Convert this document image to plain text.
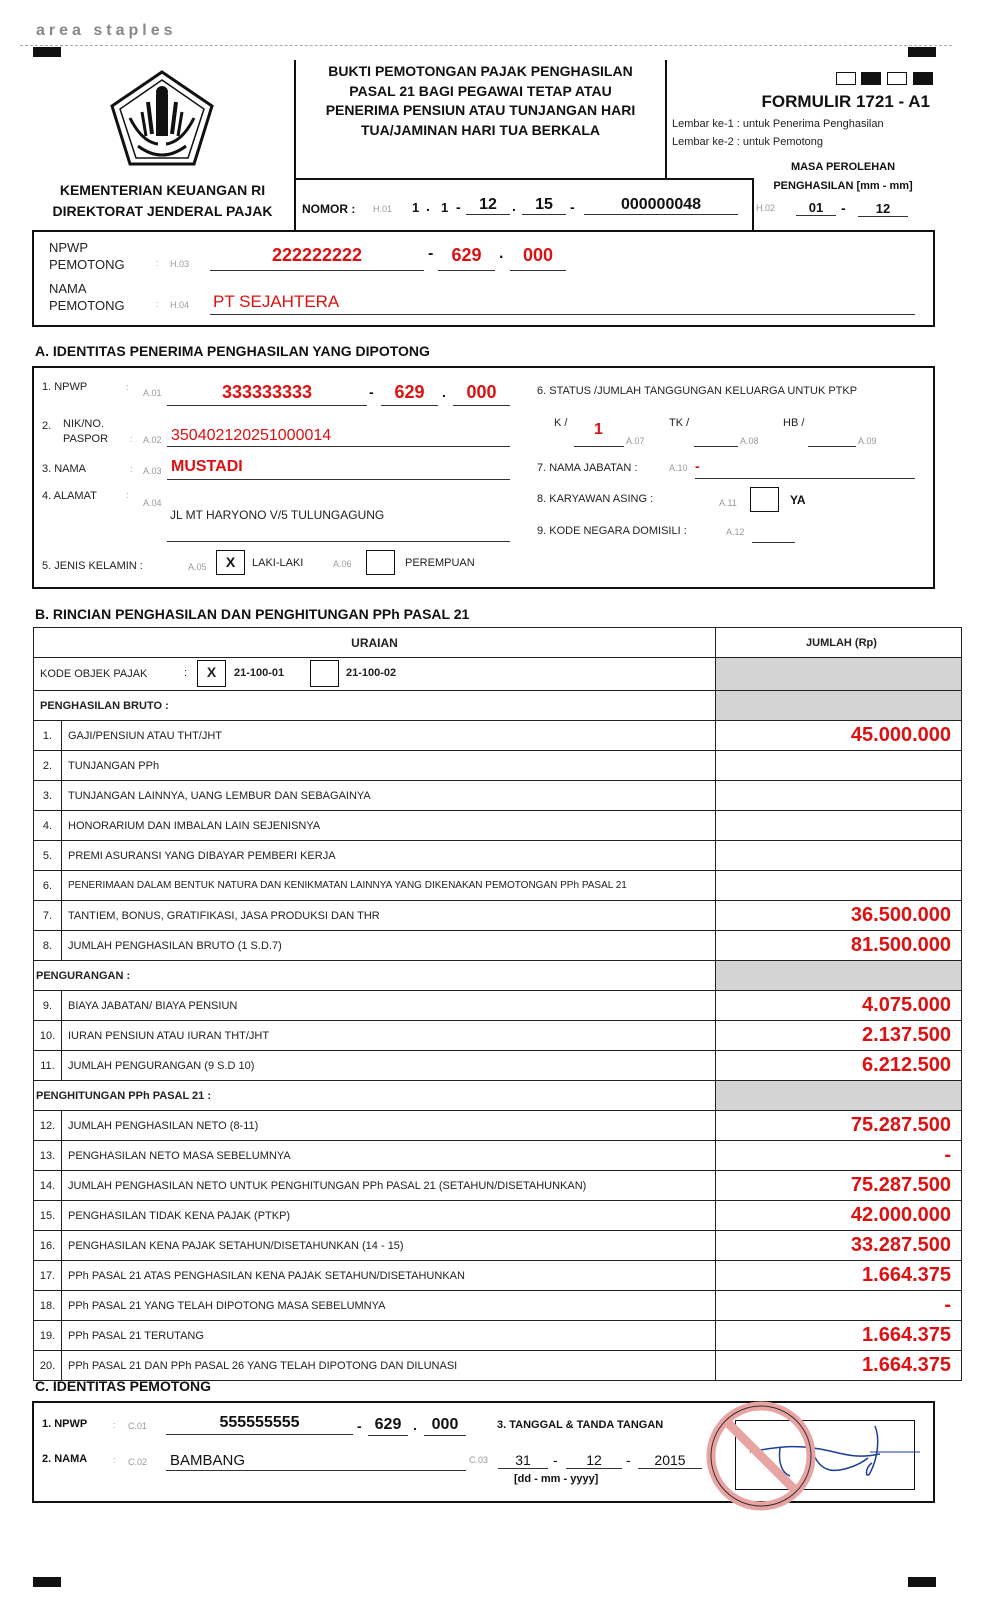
area staples
KEMENTERIAN KEUANGAN RI
DIREKTORAT JENDERAL PAJAK
BUKTI PEMOTONGAN PAJAK PENGHASILAN
PASAL 21 BAGI PEGAWAI TETAP ATAU
PENERIMA PENSIUN ATAU TUNJANGAN HARI
TUA/JAMINAN HARI TUA BERKALA
FORMULIR 1721 - A1
Lembar ke-1 : untuk Penerima Penghasilan
Lembar ke-2 : untuk Pemotong
NOMOR : H.01 1 . 1 -	12	.	15	-	000000048
MASA PEROLEHAN
PENGHASILAN [mm - mm]
H.02	01	-	12
NPWP
PEMOTONG	: H.03	222222222	-	629	.	000
NAMA
PEMOTONG	: H.04 PT SEJAHTERA
A. IDENTITAS PENERIMA PENGHASILAN YANG DIPOTONG
1. NPWP	:
A.01	333333333	-	629	.	000
2. NIK/NO.
PASPOR : A.02 350402120251000014
3. NAMA	: A.03 MUSTADI
4. ALAMAT	:
A.04
JL MT HARYONO V/5 TULUNGAGUNG
5. JENIS KELAMIN :	A.05	X	LAKI-LAKI	A.06	PEREMPUAN
6. STATUS /JUMLAH TANGGUNGAN KELUARGA UNTUK PTKP
K / 1
A.07
TK /
A.08
HB /
A.09
7. NAMA JABATAN :	A.10 -
8. KARYAWAN ASING :	A.11	YA
9. KODE NEGARA DOMISILI :	A.12
B. RINCIAN PENGHASILAN DAN PENGHITUNGAN PPh PASAL 21
URAIAN		JUMLAH (Rp)
KODE OBJEK PAJAK : X 21-100-01 21-100-02		

PENGHASILAN BRUTO :		
1.	GAJI/PENSIUN ATAU THT/JHT	45.000.000
2.	TUNJANGAN PPh	
3.	TUNJANGAN LAINNYA, UANG LEMBUR DAN SEBAGAINYA	
4.	HONORARIUM DAN IMBALAN LAIN SEJENISNYA	
5.	PREMI ASURANSI YANG DIBAYAR PEMBERI KERJA	
6.	PENERIMAAN DALAM BENTUK NATURA DAN KENIKMATAN LAINNYA YANG DIKENAKAN PEMOTONGAN PPh PASAL 21	
7.	TANTIEM, BONUS, GRATIFIKASI, JASA PRODUKSI DAN THR	36.500.000
8.	JUMLAH PENGHASILAN BRUTO (1 S.D.7)	81.500.000
PENGURANGAN :		
9.	BIAYA JABATAN/ BIAYA PENSIUN	4.075.000
10.	IURAN PENSIUN ATAU IURAN THT/JHT	2.137.500
11.	JUMLAH PENGURANGAN (9 S.D 10)	6.212.500
PENGHITUNGAN PPh PASAL 21 :		
12.	JUMLAH PENGHASILAN NETO (8-11)	75.287.500
13.	PENGHASILAN NETO MASA SEBELUMNYA	-
14.	JUMLAH PENGHASILAN NETO UNTUK PENGHITUNGAN PPh PASAL 21 (SETAHUN/DISETAHUNKAN)	75.287.500
15.	PENGHASILAN TIDAK KENA PAJAK (PTKP)	42.000.000
16.	PENGHASILAN KENA PAJAK SETAHUN/DISETAHUNKAN (14 - 15)	33.287.500
17.	PPh PASAL 21 ATAS PENGHASILAN KENA PAJAK SETAHUN/DISETAHUNKAN	1.664.375
18.	PPh PASAL 21 YANG TELAH DIPOTONG MASA SEBELUMNYA	-
19.	PPh PASAL 21 TERUTANG	1.664.375
20.	PPh PASAL 21 DAN PPh PASAL 26 YANG TELAH DIPOTONG DAN DILUNASI	1.664.375
C. IDENTITAS PEMOTONG
1. NPWP	: C.01	555555555	- 629 . 000	3. TANGGAL & TANDA TANGAN
2. NAMA	: C.02 BAMBANG	C.03	31	-	12	-	2015
[dd - mm - yyyy]
